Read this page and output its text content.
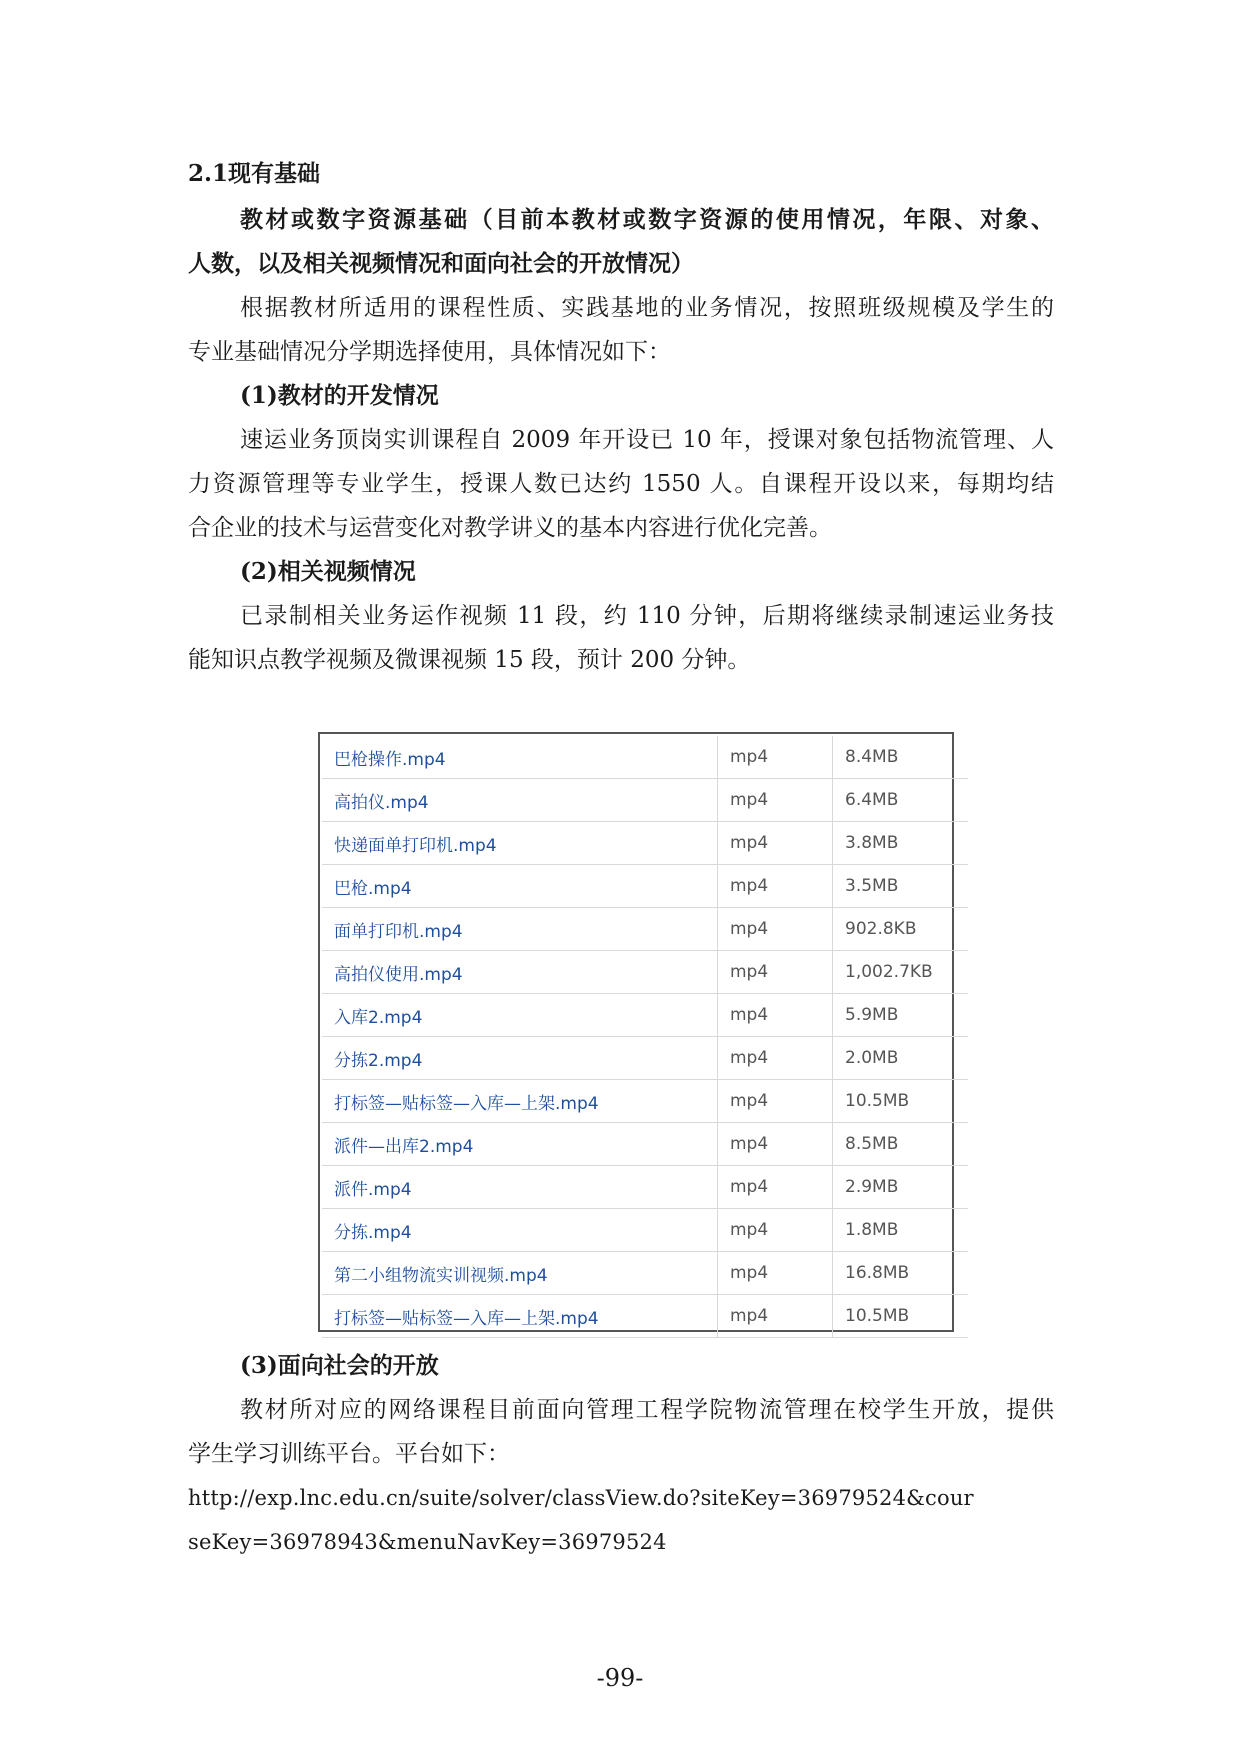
2.1现有基础
教材或数字资源基础（目前本教材或数字资源的使用情况，年限、对象、
人数，以及相关视频情况和面向社会的开放情况）
根据教材所适用的课程性质、实践基地的业务情况，按照班级规模及学生的
专业基础情况分学期选择使用，具体情况如下：
(1)教材的开发情况
速运业务顶岗实训课程自 2009 年开设已 10 年，授课对象包括物流管理、人
力资源管理等专业学生，授课人数已达约 1550 人。自课程开设以来，每期均结
合企业的技术与运营变化对教学讲义的基本内容进行优化完善。
(2)相关视频情况
已录制相关业务运作视频 11 段，约 110 分钟，后期将继续录制速运业务技
能知识点教学视频及微课视频 15 段，预计 200 分钟。
巴枪操作.mp4	mp4	8.4MB
高拍仪.mp4	mp4	6.4MB
快递面单打印机.mp4	mp4	3.8MB
巴枪.mp4	mp4	3.5MB
面单打印机.mp4	mp4	902.8KB
高拍仪使用.mp4	mp4	1,002.7KB
入库2.mp4	mp4	5.9MB
分拣2.mp4	mp4	2.0MB
打标签—贴标签—入库—上架.mp4	mp4	10.5MB
派件—出库2.mp4	mp4	8.5MB
派件.mp4	mp4	2.9MB
分拣.mp4	mp4	1.8MB
第二小组物流实训视频.mp4	mp4	16.8MB
打标签—贴标签—入库—上架.mp4	mp4	10.5MB
(3)面向社会的开放
教材所对应的网络课程目前面向管理工程学院物流管理在校学生开放，提供
学生学习训练平台。平台如下：
http://exp.lnc.edu.cn/suite/solver/classView.do?siteKey=36979524&cour
seKey=36978943&menuNavKey=36979524
-99-
